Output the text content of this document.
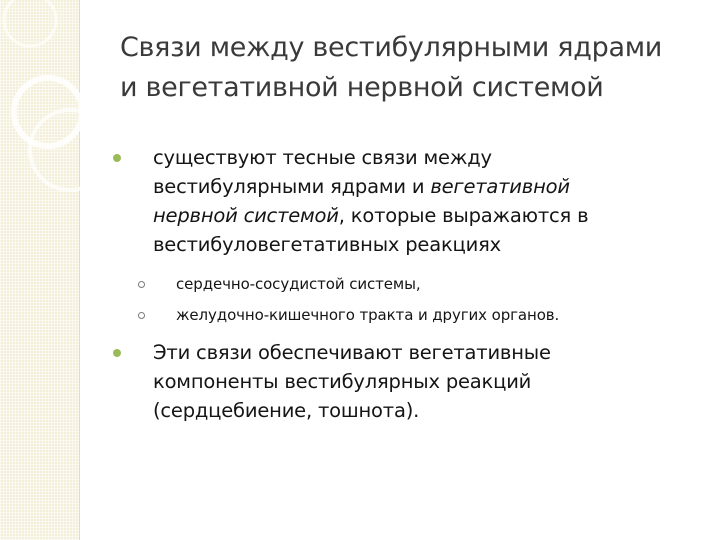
Связи между вестибулярными ядрами
и вегетативной нервной системой
существуют тесные связи между
вестибулярными ядрами и вегетативной
нервной системой, которые выражаются в
вестибуловегетативных реакциях
сердечно-сосудистой системы,
желудочно-кишечного тракта и других органов.
Эти связи обеспечивают вегетативные
компоненты вестибулярных реакций
(сердцебиение, тошнота).
